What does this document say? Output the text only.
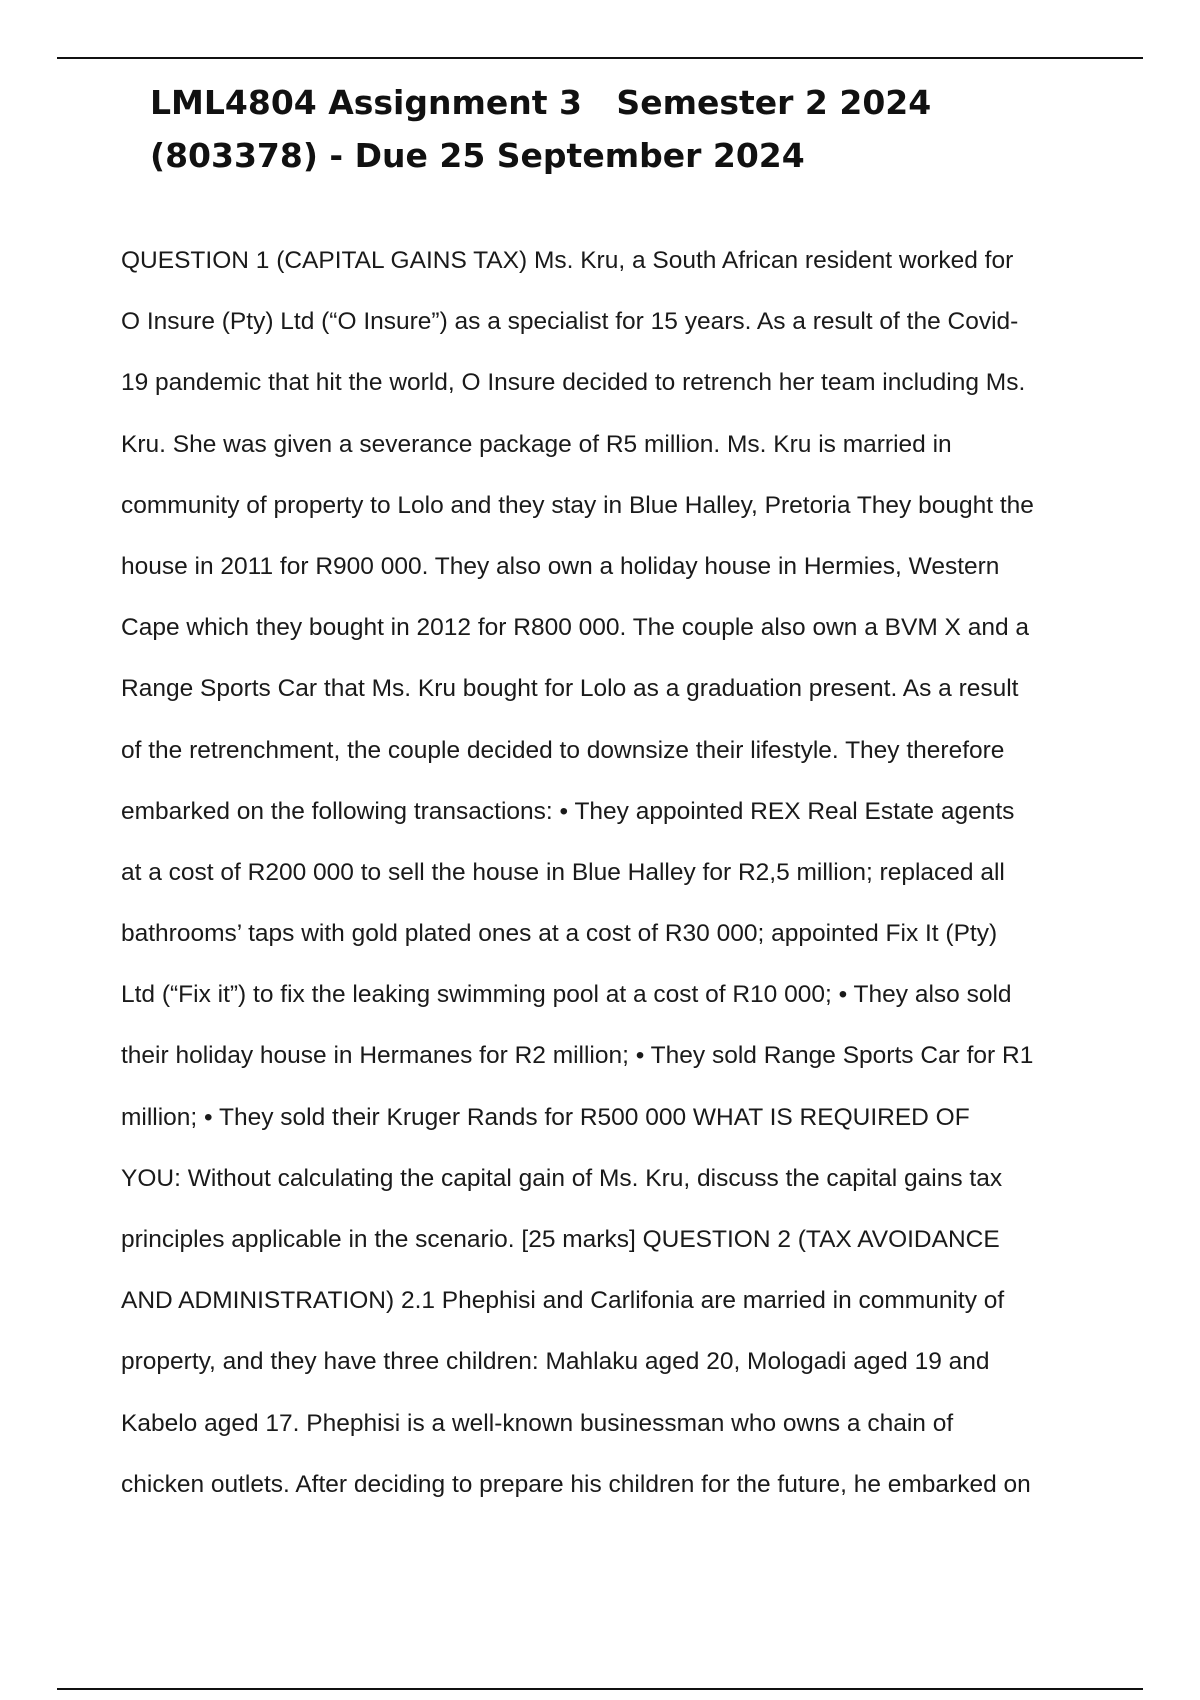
LML4804 Assignment 3   Semester 2 2024
(803378) - Due 25 September 2024
QUESTION 1 (CAPITAL GAINS TAX) Ms. Kru, a South African resident worked for
O Insure (Pty) Ltd (“O Insure”) as a specialist for 15 years. As a result of the Covid-
19 pandemic that hit the world, O Insure decided to retrench her team including Ms.
Kru. She was given a severance package of R5 million. Ms. Kru is married in
community of property to Lolo and they stay in Blue Halley, Pretoria They bought the
house in 2011 for R900 000. They also own a holiday house in Hermies, Western
Cape which they bought in 2012 for R800 000. The couple also own a BVM X and a
Range Sports Car that Ms. Kru bought for Lolo as a graduation present. As a result
of the retrenchment, the couple decided to downsize their lifestyle. They therefore
embarked on the following transactions: • They appointed REX Real Estate agents
at a cost of R200 000 to sell the house in Blue Halley for R2,5 million; replaced all
bathrooms’ taps with gold plated ones at a cost of R30 000; appointed Fix It (Pty)
Ltd (“Fix it”) to fix the leaking swimming pool at a cost of R10 000; • They also sold
their holiday house in Hermanes for R2 million; • They sold Range Sports Car for R1
million; • They sold their Kruger Rands for R500 000 WHAT IS REQUIRED OF
YOU: Without calculating the capital gain of Ms. Kru, discuss the capital gains tax
principles applicable in the scenario. [25 marks] QUESTION 2 (TAX AVOIDANCE
AND ADMINISTRATION) 2.1 Phephisi and Carlifonia are married in community of
property, and they have three children: Mahlaku aged 20, Mologadi aged 19 and
Kabelo aged 17. Phephisi is a well-known businessman who owns a chain of
chicken outlets. After deciding to prepare his children for the future, he embarked on
